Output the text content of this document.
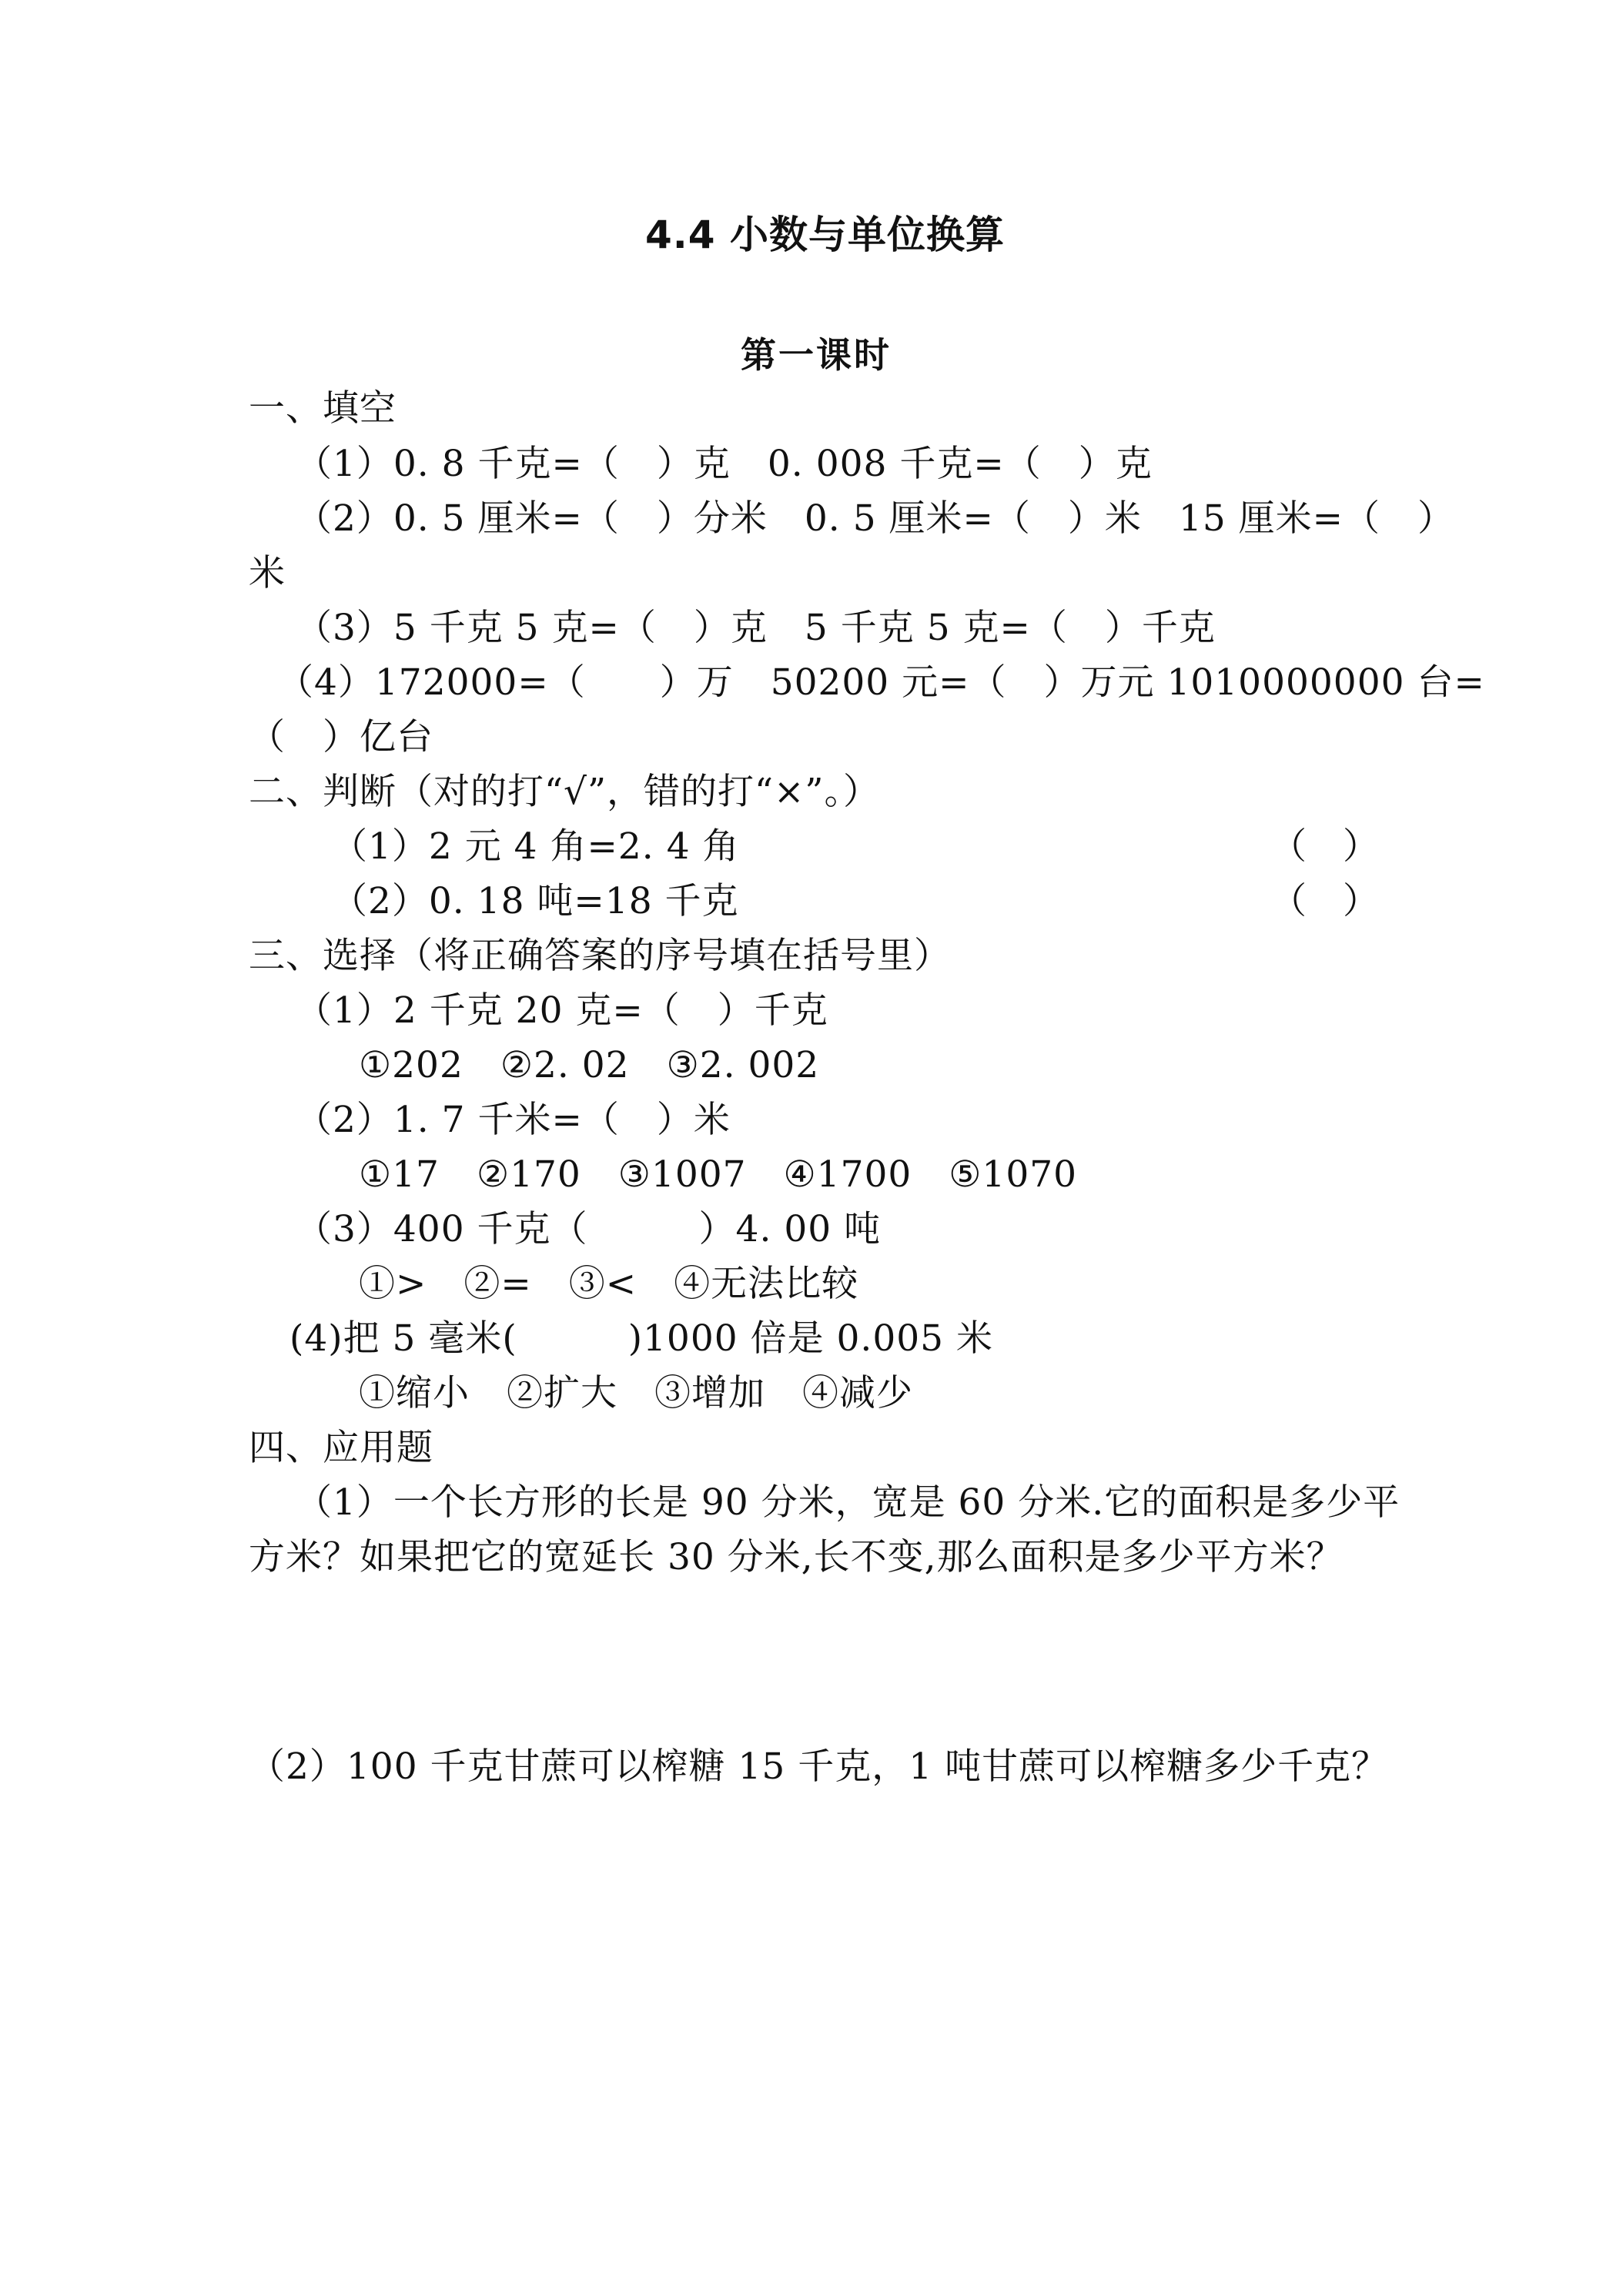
4.4 小数与单位换算
第一课时
一、填空
（1）0. 8 千克=（　）克　0. 008 千克=（　）克
（2）0. 5 厘米=（　）分米　0. 5 厘米=（　）米　15 厘米=（　）
米
（3）5 千克 5 克=（　）克　5 千克 5 克=（　）千克
（4）172000=（　　）万　50200 元=（　）万元 1010000000 台=
（　）亿台
二、判断（对的打“√”，错的打“×”。）
（1）2 元 4 角=2. 4 角	（　）
（2）0. 18 吨=18 千克	（　）
三、选择（将正确答案的序号填在括号里）
（1）2 千克 20 克=（　）千克
①202　②2. 02　③2. 002
（2）1. 7 千米=（　）米
①17　②170　③1007　④1700　⑤1070
（3）400 千克（　　　）4. 00 吨
①>　②=　③<　④无法比较
(4)把 5 毫米(　　　)1000 倍是 0.005 米
①缩小　②扩大　③增加　④减少
四、应用题
（1）一个长方形的长是 90 分米，宽是 60 分米.它的面积是多少平
方米？如果把它的宽延长 30 分米,长不变,那么面积是多少平方米？
（2）100 千克甘蔗可以榨糖 15 千克，1 吨甘蔗可以榨糖多少千克？
